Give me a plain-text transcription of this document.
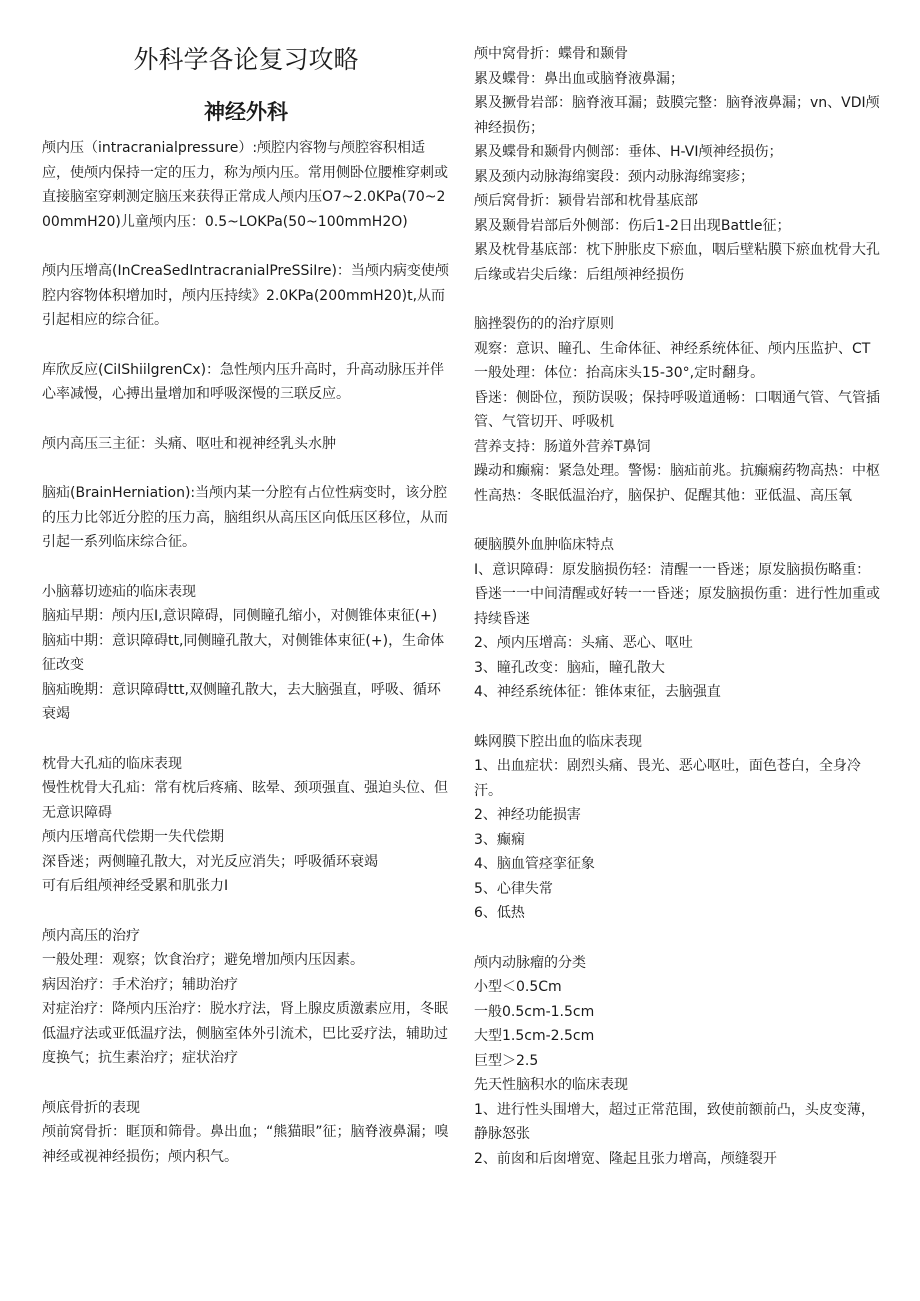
外科学各论复习攻略
神经外科

颅内压（intracranialpressure）:颅腔内容物与颅腔容积相适应，使颅内保持一定的压力，称为颅内压。常用侧卧位腰椎穿刺或直接脑室穿刺测定脑压来获得正常成人颅内压O7~2.0KPa(70~200mmH20)儿童颅内压：0.5~LOKPa(50~100mmH2O)

颅内压增高(InCreaSedIntracranialPreSSiIre)：当颅内病变使颅腔内容物体积增加时，颅内压持续》2.0KPa(200mmH20)t,从而引起相应的综合征。

库欣反应(CiIShiilgrenCx)：急性颅内压升高时，升高动脉压并伴心率减慢，心搏出量增加和呼吸深慢的三联反应。

颅内高压三主征：头痛、呕吐和视神经乳头水肿

脑疝(BrainHerniation):当颅内某一分腔有占位性病变时，该分腔的压力比邻近分腔的压力高，脑组织从高压区向低压区移位，从而引起一系列临床综合征。

小脑幕切迹疝的临床表现

脑疝早期：颅内压I,意识障碍，同侧瞳孔缩小，对侧锥体束征(+)

脑疝中期：意识障碍tt,同侧瞳孔散大，对侧锥体束征(+)，生命体征改变

脑疝晚期：意识障碍ttt,双侧瞳孔散大，去大脑强直，呼吸、循环衰竭

枕骨大孔疝的临床表现

慢性枕骨大孔疝：常有枕后疼痛、眩晕、颈项强直、强迫头位、但无意识障碍

颅内压增高代偿期一失代偿期

深昏迷；两侧瞳孔散大，对光反应消失；呼吸循环衰竭

可有后组颅神经受累和肌张力I

颅内高压的治疗

一般处理：观察；饮食治疗；避免增加颅内压因素。

病因治疗：手术治疗；辅助治疗

对症治疗：降颅内压治疗：脱水疗法，肾上腺皮质激素应用，冬眠低温疗法或亚低温疗法，侧脑室体外引流术，巴比妥疗法，辅助过度换气；抗生素治疗；症状治疗

颅底骨折的表现

颅前窝骨折：眶顶和筛骨。鼻出血；“熊猫眼”征；脑脊液鼻漏；嗅神经或视神经损伤；颅内积气。

颅中窝骨折：蝶骨和颞骨

累及蝶骨：鼻出血或脑脊液鼻漏；

累及撅骨岩部：脑脊液耳漏；鼓膜完整：脑脊液鼻漏；vn、VDI颅神经损伤；

累及蝶骨和颞骨内侧部：垂体、H-VI颅神经损伤；

累及颈内动脉海绵窦段：颈内动脉海绵窦疹；

颅后窝骨折：颍骨岩部和枕骨基底部

累及颞骨岩部后外侧部：伤后1-2日出现Battle征；

累及枕骨基底部：枕下肿胀皮下瘀血，咽后壁粘膜下瘀血枕骨大孔后缘或岩尖后缘：后组颅神经损伤

脑挫裂伤的的治疗原则

观察：意识、瞳孔、生命体征、神经系统体征、颅内压监护、CT

一般处理：体位：抬高床头15-30°,定时翻身。

昏迷：侧卧位，预防误吸；保持呼吸道通畅：口咽通气管、气管插管、气管切开、呼吸机

营养支持：肠道外营养T鼻饲

躁动和癫痫：紧急处理。警惕：脑疝前兆。抗癫痫药物高热：中枢性高热：冬眠低温治疗，脑保护、促醒其他：亚低温、高压氧

硬脑膜外血肿临床特点

I、意识障碍：原发脑损伤轻：清醒一一昏迷；原发脑损伤略重：昏迷一一中间清醒或好转一一昏迷；原发脑损伤重：进行性加重或持续昏迷

2、颅内压增高：头痛、恶心、呕吐

3、瞳孔改变：脑疝，瞳孔散大

4、神经系统体征：锥体束征，去脑强直

蛛网膜下腔出血的临床表现

1、出血症状：剧烈头痛、畏光、恶心呕吐，面色苍白，全身冷汗。

2、神经功能损害

3、癫痫

4、脑血管痉挛征象

5、心律失常

6、低热

颅内动脉瘤的分类

小型＜0.5Cm

一般0.5cm-1.5cm

大型1.5cm-2.5cm

巨型＞2.5

先天性脑积水的临床表现

1、进行性头围增大，超过正常范围，致使前额前凸，头皮变薄，静脉怒张

2、前囱和后囱增宽、隆起且张力增高，颅缝裂开
